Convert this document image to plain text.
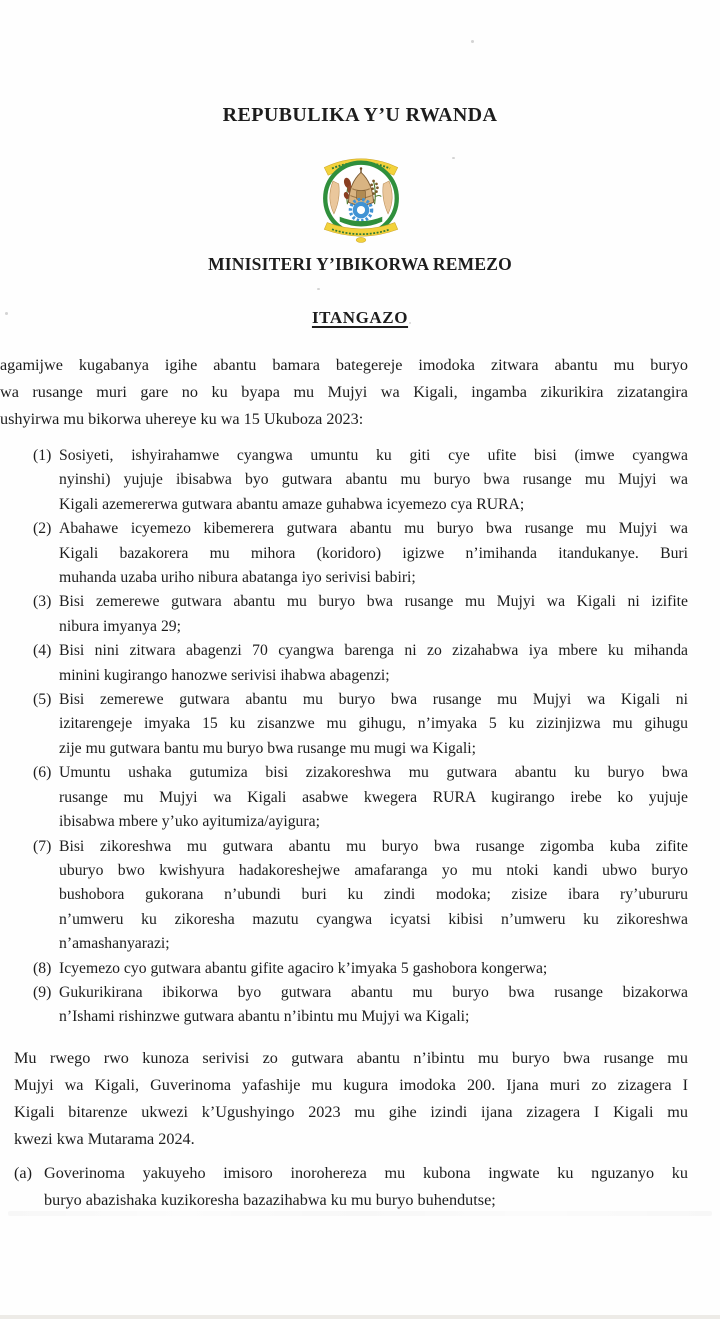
REPUBULIKA Y’U RWANDA
MINISITERI Y’IBIKORWA REMEZO
ITANGAZO
agamijwe kugabanya igihe abantu bamara bategereje imodoka zitwara abantu mu buryo
wa rusange muri gare no ku byapa mu Mujyi wa Kigali, ingamba zikurikira zizatangira
ushyirwa mu bikorwa uhereye ku wa 15 Ukuboza 2023:
(1) Sosiyeti, ishyirahamwe cyangwa umuntu ku giti cye ufite bisi (imwe cyangwa
nyinshi) yujuje ibisabwa byo gutwara abantu mu buryo bwa rusange mu Mujyi wa
Kigali azemererwa gutwara abantu amaze guhabwa icyemezo cya RURA;
(2) Abahawe icyemezo kibemerera gutwara abantu mu buryo bwa rusange mu Mujyi wa
Kigali bazakorera mu mihora (koridoro) igizwe n’imihanda itandukanye. Buri
muhanda uzaba uriho nibura abatanga iyo serivisi babiri;
(3) Bisi zemerewe gutwara abantu mu buryo bwa rusange mu Mujyi wa Kigali ni izifite
nibura imyanya 29;
(4) Bisi nini zitwara abagenzi 70 cyangwa barenga ni zo zizahabwa iya mbere ku mihanda
minini kugirango hanozwe serivisi ihabwa abagenzi;
(5) Bisi zemerewe gutwara abantu mu buryo bwa rusange mu Mujyi wa Kigali ni
izitarengeje imyaka 15 ku zisanzwe mu gihugu, n’imyaka 5 ku zizinjizwa mu gihugu
zije mu gutwara bantu mu buryo bwa rusange mu mugi wa Kigali;
(6) Umuntu ushaka gutumiza bisi zizakoreshwa mu gutwara abantu ku buryo bwa
rusange mu Mujyi wa Kigali asabwe kwegera RURA kugirango irebe ko yujuje
ibisabwa mbere y’uko ayitumiza/ayigura;
(7) Bisi zikoreshwa mu gutwara abantu mu buryo bwa rusange zigomba kuba zifite
uburyo bwo kwishyura hadakoreshejwe amafaranga yo mu ntoki kandi ubwo buryo
bushobora gukorana n’ubundi buri ku zindi modoka; zisize ibara ry’ubururu
n’umweru ku zikoresha mazutu cyangwa icyatsi kibisi n’umweru ku zikoreshwa
n’amashanyarazi;
(8) Icyemezo cyo gutwara abantu gifite agaciro k’imyaka 5 gashobora kongerwa;
(9) Gukurikirana ibikorwa byo gutwara abantu mu buryo bwa rusange bizakorwa
n’Ishami rishinzwe gutwara abantu n’ibintu mu Mujyi wa Kigali;
Mu rwego rwo kunoza serivisi zo gutwara abantu n’ibintu mu buryo bwa rusange mu
Mujyi wa Kigali, Guverinoma yafashije mu kugura imodoka 200. Ijana muri zo zizagera I
Kigali bitarenze ukwezi k’Ugushyingo 2023 mu gihe izindi ijana zizagera I Kigali mu
kwezi kwa Mutarama 2024.
(a) Goverinoma yakuyeho imisoro inorohereza mu kubona ingwate ku nguzanyo ku
buryo abazishaka kuzikoresha bazazihabwa ku mu buryo buhendutse;
